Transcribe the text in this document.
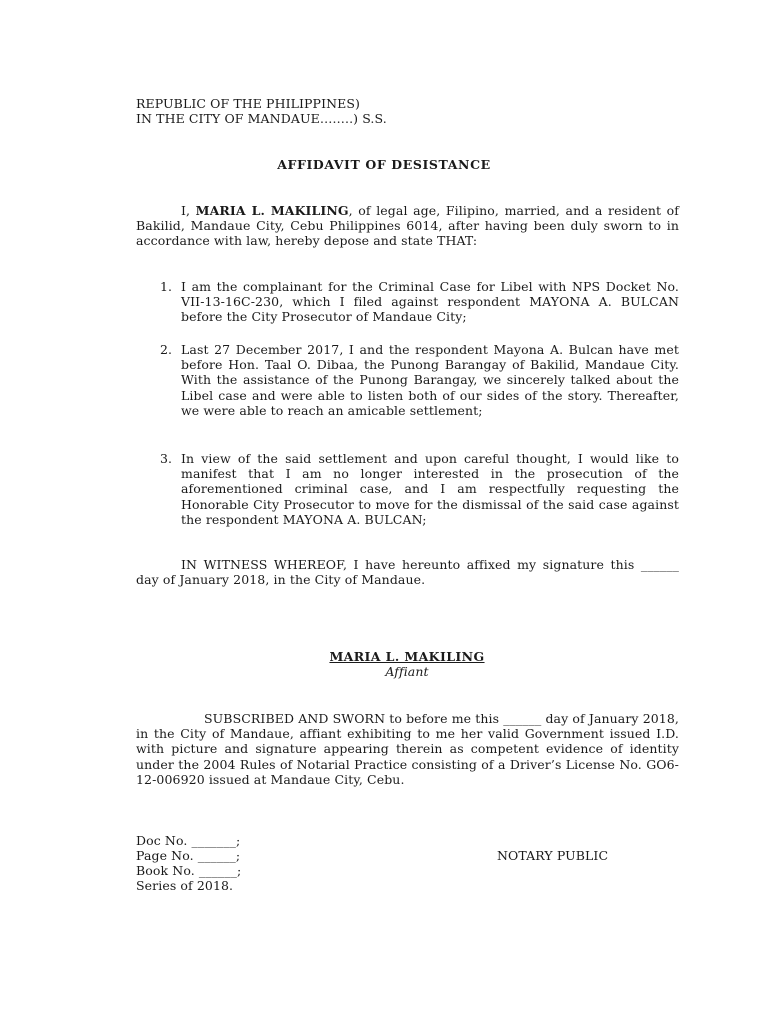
REPUBLIC OF THE PHILIPPINES)
IN THE CITY OF MANDAUE……..) S.S.
AFFIDAVIT OF DESISTANCE
I, MARIA L. MAKILING, of legal age, Filipino, married, and a resident of Bakilid, Mandaue City, Cebu Philippines 6014, after having been duly sworn to in accordance with law, hereby depose and state THAT:
1. I am the complainant for the Criminal Case for Libel with NPS Docket No. VII-13-16C-230, which I filed against respondent MAYONA A. BULCAN before the City Prosecutor of Mandaue City;
2. Last 27 December 2017, I and the respondent Mayona A. Bulcan have met before Hon. Taal O. Dibaa, the Punong Barangay of Bakilid, Mandaue City. With the assistance of the Punong Barangay, we sincerely talked about the Libel case and were able to listen both of our sides of the story. Thereafter, we were able to reach an amicable settlement;
3. In view of the said settlement and upon careful thought, I would like to manifest that I am no longer interested in the prosecution of the aforementioned criminal case, and I am respectfully requesting the Honorable City Prosecutor to move for the dismissal of the said case against the respondent MAYONA A. BULCAN;
IN WITNESS WHEREOF, I have hereunto affixed my signature this ______ day of January 2018, in the City of Mandaue.
MARIA L. MAKILING
Affiant
SUBSCRIBED AND SWORN to before me this ______ day of January 2018, in the City of Mandaue, affiant exhibiting to me her valid Government issued I.D. with picture and signature appearing therein as competent evidence of identity under the 2004 Rules of Notarial Practice consisting of a Driver’s License No. GO6-12-006920 issued at Mandaue City, Cebu.
Doc No. _______;
Page No. ______;
Book No. ______;
Series of 2018.
NOTARY PUBLIC
